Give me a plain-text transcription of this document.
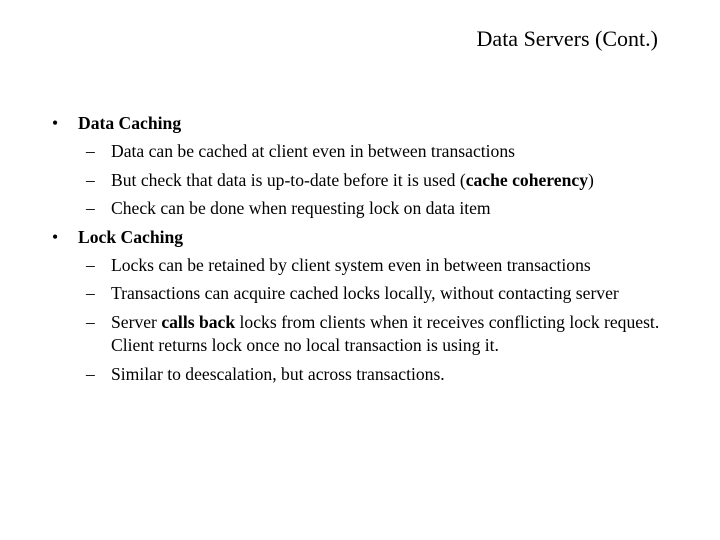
Data Servers (Cont.)
•	Data Caching
– Data can be cached at client even in between transactions
– But check that data is up-to-date before it is used (cache coherency)
– Check can be done when requesting lock on data item
•	Lock Caching
– Locks can be retained by client system even in between transactions
– Transactions can acquire cached locks locally, without contacting server
– Server calls back locks from clients when it receives conflicting lock request. Client returns lock once no local transaction is using it.
– Similar to deescalation, but across transactions.
